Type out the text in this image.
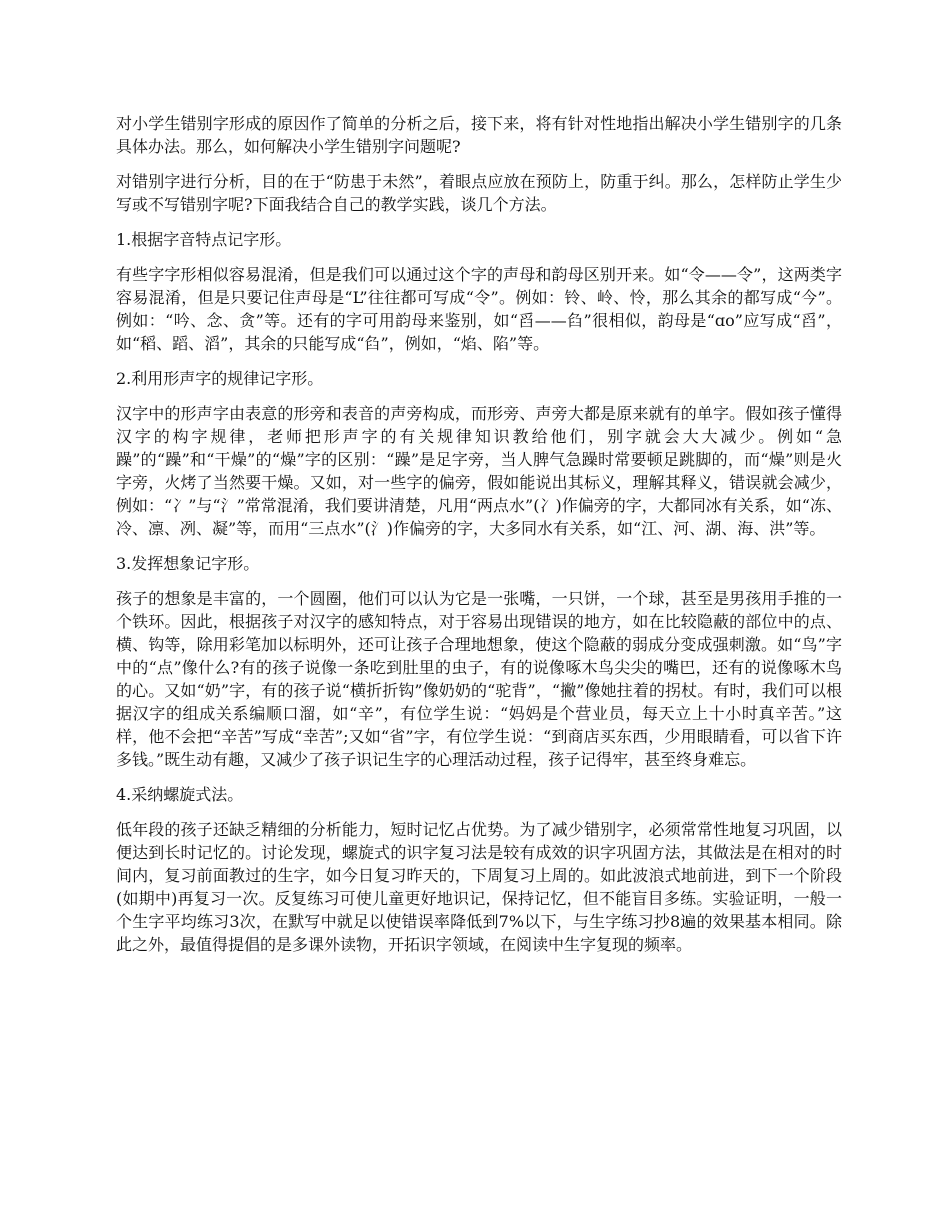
对小学生错别字形成的原因作了简单的分析之后，接下来，将有针对性地指出解决小学生错别字的几条具体办法。那么，如何解决小学生错别字问题呢?

对错别字进行分析，目的在于“防患于未然”，着眼点应放在预防上，防重于纠。那么，怎样防止学生少写或不写错别字呢?下面我结合自己的教学实践，谈几个方法。

1.根据字音特点记字形。

有些字字形相似容易混淆，但是我们可以通过这个字的声母和韵母区别开来。如“令——令”，这两类字容易混淆，但是只要记住声母是“L”往往都可写成“令”。例如：铃、岭、怜，那么其余的都写成“今”。例如：“吟、念、贪”等。还有的字可用韵母来鉴别，如“舀——臽”很相似，韵母是“ɑo”应写成“舀”，如“稻、蹈、滔”，其余的只能写成“臽”，例如，“焰、陷”等。

2.利用形声字的规律记字形。

汉字中的形声字由表意的形旁和表音的声旁构成，而形旁、声旁大都是原来就有的单字。假如孩子懂得汉字的构字规律，老师把形声字的有关规律知识教给他们，别字就会大大减少。例如“急躁”的“躁”和“干燥”的“燥”字的区别：“躁”是足字旁，当人脾气急躁时常要顿足跳脚的，而“燥”则是火字旁，火烤了当然要干燥。又如，对一些字的偏旁，假如能说出其标义，理解其释义，错误就会减少，例如：“冫”与“氵”常常混淆，我们要讲清楚，凡用“两点水”(冫)作偏旁的字，大都同冰有关系，如“冻、冷、凛、冽、凝”等，而用“三点水”(氵)作偏旁的字，大多同水有关系，如“江、河、湖、海、洪”等。

3.发挥想象记字形。

孩子的想象是丰富的，一个圆圈，他们可以认为它是一张嘴，一只饼，一个球，甚至是男孩用手推的一个铁环。因此，根据孩子对汉字的感知特点，对于容易出现错误的地方，如在比较隐蔽的部位中的点、横、钩等，除用彩笔加以标明外，还可让孩子合理地想象，使这个隐蔽的弱成分变成强刺激。如“鸟”字中的“点”像什么?有的孩子说像一条吃到肚里的虫子，有的说像啄木鸟尖尖的嘴巴，还有的说像啄木鸟的心。又如“奶”字，有的孩子说“横折折钩”像奶奶的“驼背”，“撇”像她拄着的拐杖。有时，我们可以根据汉字的组成关系编顺口溜，如“辛”，有位学生说：“妈妈是个营业员，每天立上十小时真辛苦。”这样，他不会把“辛苦”写成“幸苦”;又如“省”字，有位学生说：“到商店买东西，少用眼睛看，可以省下许多钱。”既生动有趣，又减少了孩子识记生字的心理活动过程，孩子记得牢，甚至终身难忘。

4.采纳螺旋式法。

低年段的孩子还缺乏精细的分析能力，短时记忆占优势。为了减少错别字，必须常常性地复习巩固，以便达到长时记忆的。讨论发现，螺旋式的识字复习法是较有成效的识字巩固方法，其做法是在相对的时间内，复习前面教过的生字，如今日复习昨天的，下周复习上周的。如此波浪式地前进，到下一个阶段(如期中)再复习一次。反复练习可使儿童更好地识记，保持记忆，但不能盲目多练。实验证明，一般一个生字平均练习3次，在默写中就足以使错误率降低到7%以下，与生字练习抄8遍的效果基本相同。除此之外，最值得提倡的是多课外读物，开拓识字领域，在阅读中生字复现的频率。
